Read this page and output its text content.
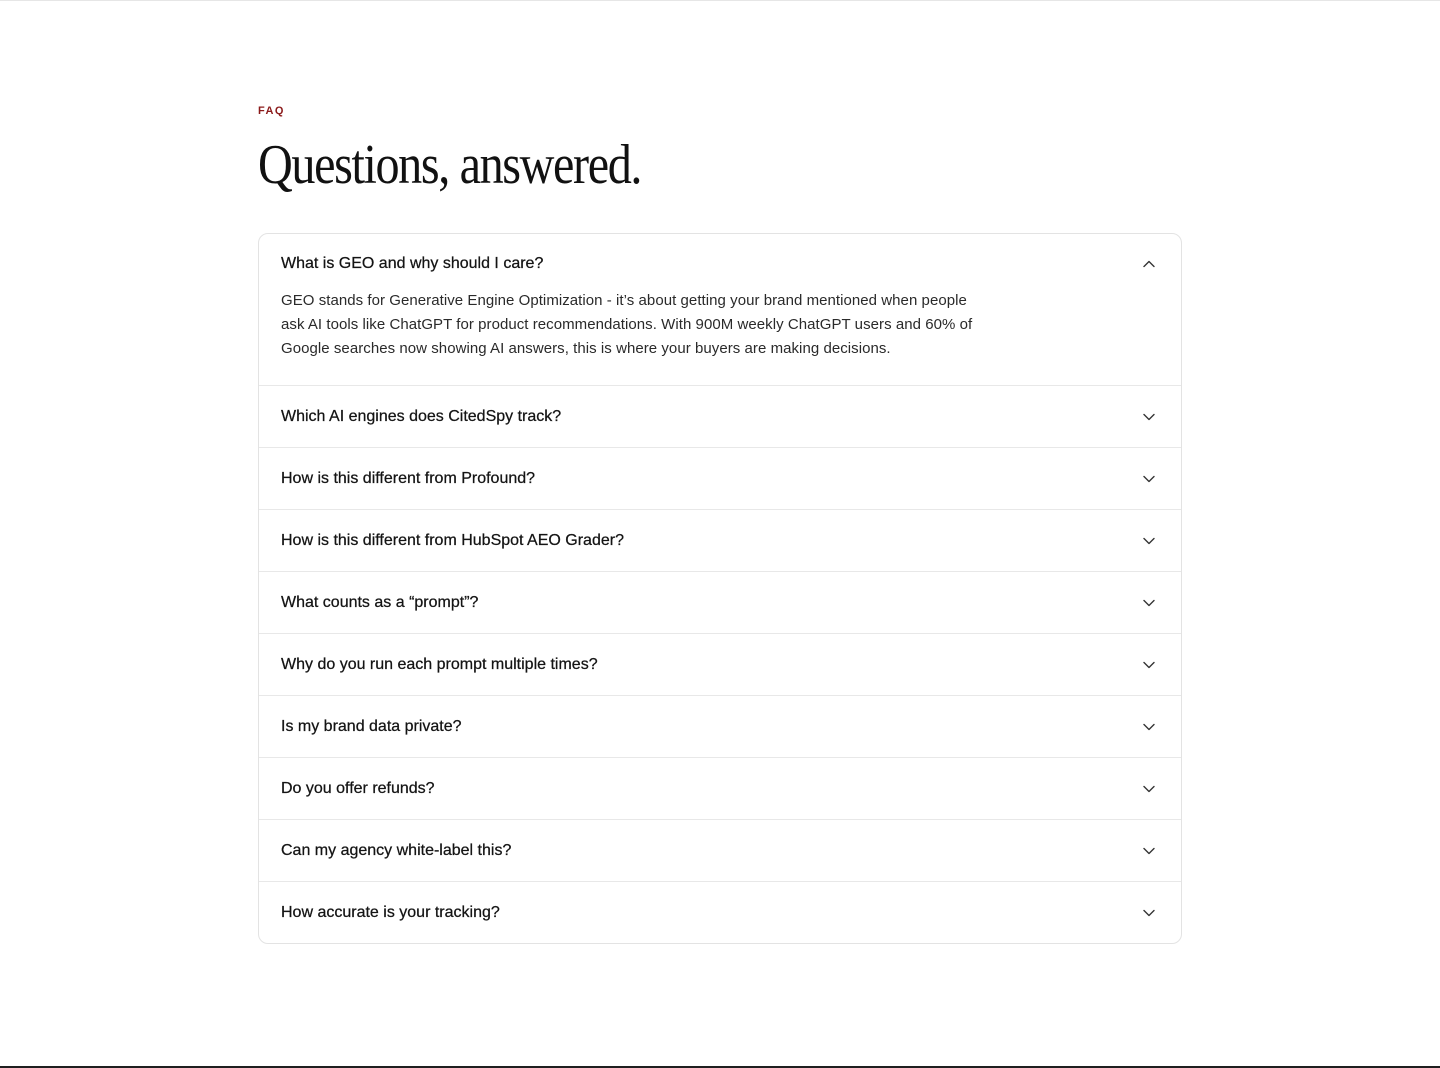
FAQ
Questions, answered.
What is GEO and why should I care?
GEO stands for Generative Engine Optimization - it’s about getting your brand mentioned when people ask AI tools like ChatGPT for product recommendations. With 900M weekly ChatGPT users and 60% of Google searches now showing AI answers, this is where your buyers are making decisions.
Which AI engines does CitedSpy track?
How is this different from Profound?
How is this different from HubSpot AEO Grader?
What counts as a “prompt”?
Why do you run each prompt multiple times?
Is my brand data private?
Do you offer refunds?
Can my agency white-label this?
How accurate is your tracking?
